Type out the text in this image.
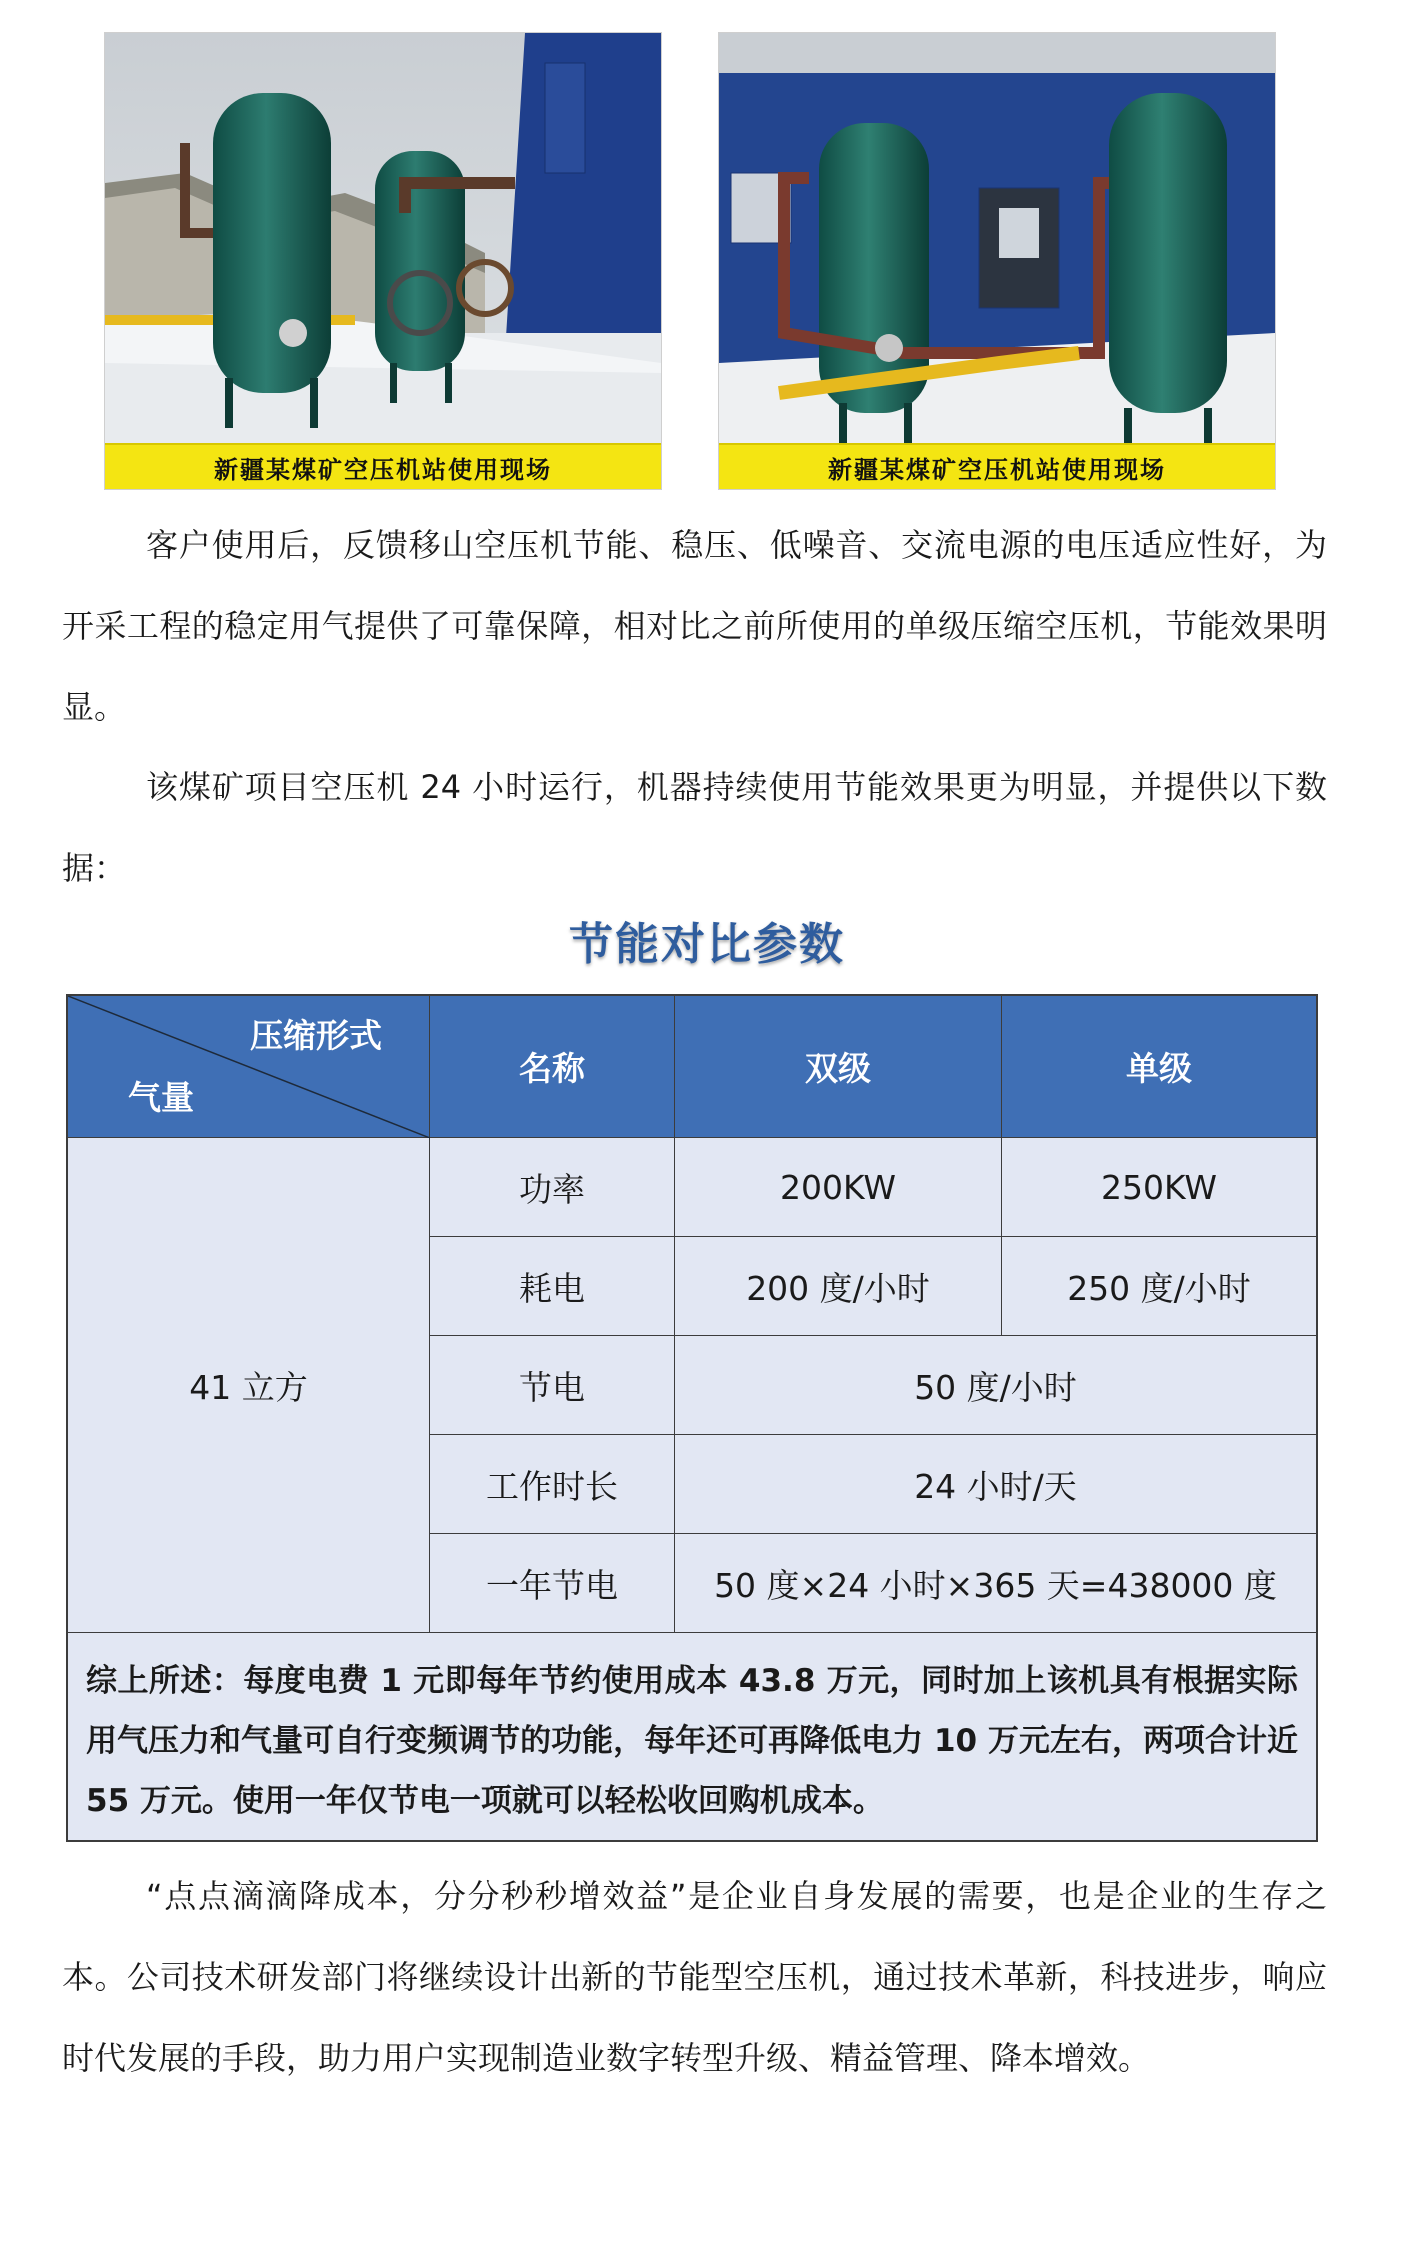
新疆某煤矿空压机站使用现场	新疆某煤矿空压机站使用现场

客户使用后，反馈移山空压机节能、稳压、低噪音、交流电源的电压适应性好，为开采工程的稳定用气提供了可靠保障，相对比之前所使用的单级压缩空压机，节能效果明显。

该煤矿项目空压机 24 小时运行，机器持续使用节能效果更为明显，并提供以下数据：

节能对比参数
压缩形式
气量
名称	双级	单级
41 立方
功率	200KW	250KW
耗电	200 度/小时	250 度/小时
节电	50 度/小时
工作时长	24 小时/天
一年节电	50 度×24 小时×365 天=438000 度
综上所述：每度电费 1 元即每年节约使用成本 43.8 万元，同时加上该机具有根据实际用气压力和气量可自行变频调节的功能，每年还可再降低电力 10 万元左右，两项合计近 55 万元。使用一年仅节电一项就可以轻松收回购机成本。

“点点滴滴降成本，分分秒秒增效益”是企业自身发展的需要，也是企业的生存之本。公司技术研发部门将继续设计出新的节能型空压机，通过技术革新，科技进步，响应时代发展的手段，助力用户实现制造业数字转型升级、精益管理、降本增效。
